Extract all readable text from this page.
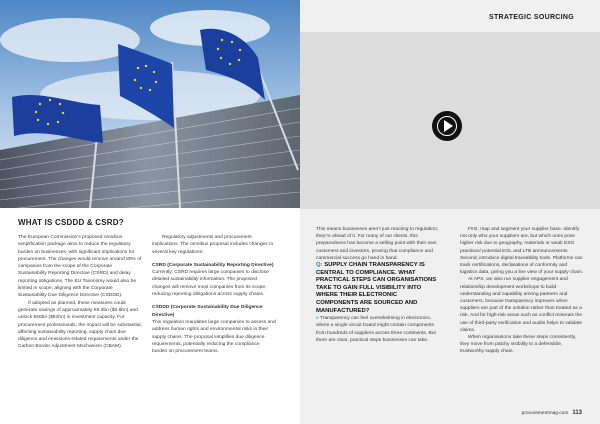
WHAT IS CSDDD & CSRD?

The European Commission’s proposed omnibus simplification package aims to reduce the regulatory burden on businesses, with significant implications for procurement. The changes would remove around 80% of companies from the scope of the Corporate Sustainability Reporting Directive (CSRD) and delay reporting obligations. The EU Taxonomy would also be limited in scope, aligning with the Corporate Sustainability Due Diligence Directive (CSDDD).

If adopted as planned, these measures could generate savings of approximately €6.3bn ($6.6bn) and unlock €50bn ($52bn) in investment capacity. For procurement professionals, the impact will be substantial, affecting sustainability reporting, supply chain due diligence and emissions-related requirements under the Carbon Border Adjustment Mechanism (CBAM).

Regulatory adjustments and procurement implications. The omnibus proposal includes changes to several key regulations:

CSRD (Corporate Sustainability Reporting Directive)

Currently, CSRD requires large companies to disclose detailed sustainability information. The proposed changes will remove most companies from its scope, reducing reporting obligations across supply chains.

CSDDD (Corporate Sustainability Due Diligence Directive)

This regulation mandates large companies to assess and address human rights and environmental risks in their supply chains. The proposal simplifies due diligence requirements, potentially reducing the compliance burden on procurement teams.

STRATEGIC SOURCING

This means businesses aren’t just reacting to regulation; they’re ahead of it. For many of our clients, this preparedness has become a selling point with their own customers and investors, proving that compliance and commercial success go hand in hand.

Q: SUPPLY CHAIN TRANSPARENCY IS CENTRAL TO COMPLIANCE. WHAT PRACTICAL STEPS CAN ORGANISATIONS TAKE TO GAIN FULL VISIBILITY INTO WHERE THEIR ELECTRONIC COMPONENTS ARE SOURCED AND MANUFACTURED?

» Transparency can feel overwhelming in electronics, where a single circuit board might contain components from hundreds of suppliers across three continents. But there are clear, practical steps businesses can take.

First, map and segment your supplier base. Identify not only who your suppliers are, but which ones pose higher risk due to geography, materials or weak ESG practices/ potential EOL and LTB announcements. Second, introduce digital traceability tools. Platforms can track certifications, declarations of conformity and logistics data, giving you a live view of your supply chain.

At APS, we also run supplier engagement and relationship development workshops to build understanding and capability among partners and customers, because transparency improves when suppliers are part of the solution rather than treated as a risk. And for high-risk areas such as conflict minerals the use of third-party verification and audits helps to validate claims.

When organisations take these steps consistently, they move from patchy visibility to a defensible, trustworthy supply chain.

procurementmag.com 113
